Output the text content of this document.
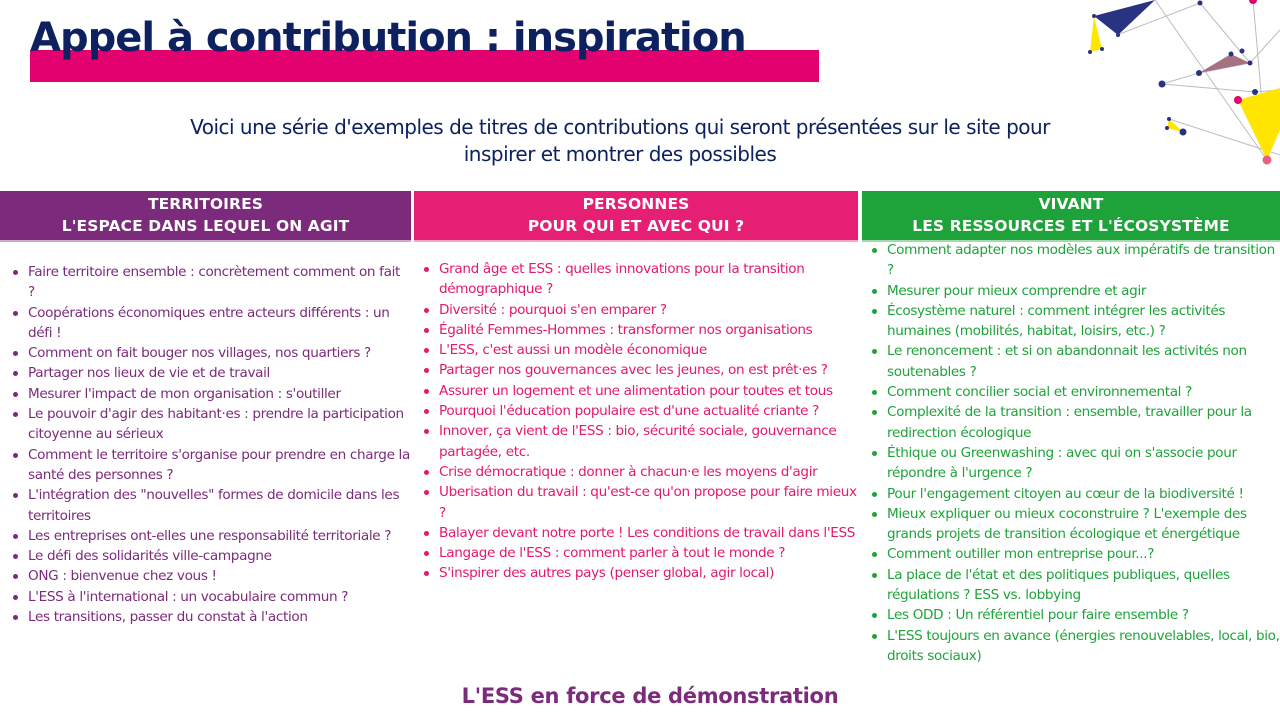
Appel à contribution : inspiration
Voici une série d'exemples de titres de contributions qui seront présentées sur le site pour
inspirer et montrer des possibles
TERRITOIRES
L'ESPACE DANS LEQUEL ON AGIT
PERSONNES
POUR QUI ET AVEC QUI ?
VIVANT
LES RESSOURCES ET L'ÉCOSYSTÈME
Faire territoire ensemble : concrètement comment on fait ?
Coopérations économiques entre acteurs différents : un défi !
Comment on fait bouger nos villages, nos quartiers ?
Partager nos lieux de vie et de travail
Mesurer l'impact de mon organisation : s'outiller
Le pouvoir d'agir des habitant·es : prendre la participation citoyenne au sérieux
Comment le territoire s'organise pour prendre en charge la santé des personnes ?
L'intégration des "nouvelles" formes de domicile dans les territoires
Les entreprises ont-elles une responsabilité territoriale ?
Le défi des solidarités ville-campagne
ONG : bienvenue chez vous !
L'ESS à l'international : un vocabulaire commun ?
Les transitions, passer du constat à l'action
Grand âge et ESS : quelles innovations pour la transition démographique ?
Diversité : pourquoi s'en emparer ?
Égalité Femmes-Hommes : transformer nos organisations
L'ESS, c'est aussi un modèle économique
Partager nos gouvernances avec les jeunes, on est prêt·es ?
Assurer un logement et une alimentation pour toutes et tous
Pourquoi l'éducation populaire est d'une actualité criante ?
Innover, ça vient de l'ESS : bio, sécurité sociale, gouvernance partagée, etc.
Crise démocratique : donner à chacun·e les moyens d'agir
Uberisation du travail : qu'est-ce qu'on propose pour faire mieux ?
Balayer devant notre porte ! Les conditions de travail dans l'ESS
Langage de l'ESS : comment parler à tout le monde ?
S'inspirer des autres pays (penser global, agir local)
Comment adapter nos modèles aux impératifs de transition ?
Mesurer pour mieux comprendre et agir
Écosystème naturel : comment intégrer les activités humaines (mobilités, habitat, loisirs, etc.) ?
Le renoncement : et si on abandonnait les activités non soutenables ?
Comment concilier social et environnemental ?
Complexité de la transition : ensemble, travailler pour la redirection écologique
Éthique ou Greenwashing : avec qui on s'associe pour répondre à l'urgence ?
Pour l'engagement citoyen au cœur de la biodiversité !
Mieux expliquer ou mieux coconstruire ? L'exemple des grands projets de transition écologique et énergétique
Comment outiller mon entreprise pour...?
La place de l'état et des politiques publiques, quelles régulations ? ESS vs. lobbying
Les ODD : Un référentiel pour faire ensemble ?
L'ESS toujours en avance (énergies renouvelables, local, bio, droits sociaux)
L'ESS en force de démonstration
